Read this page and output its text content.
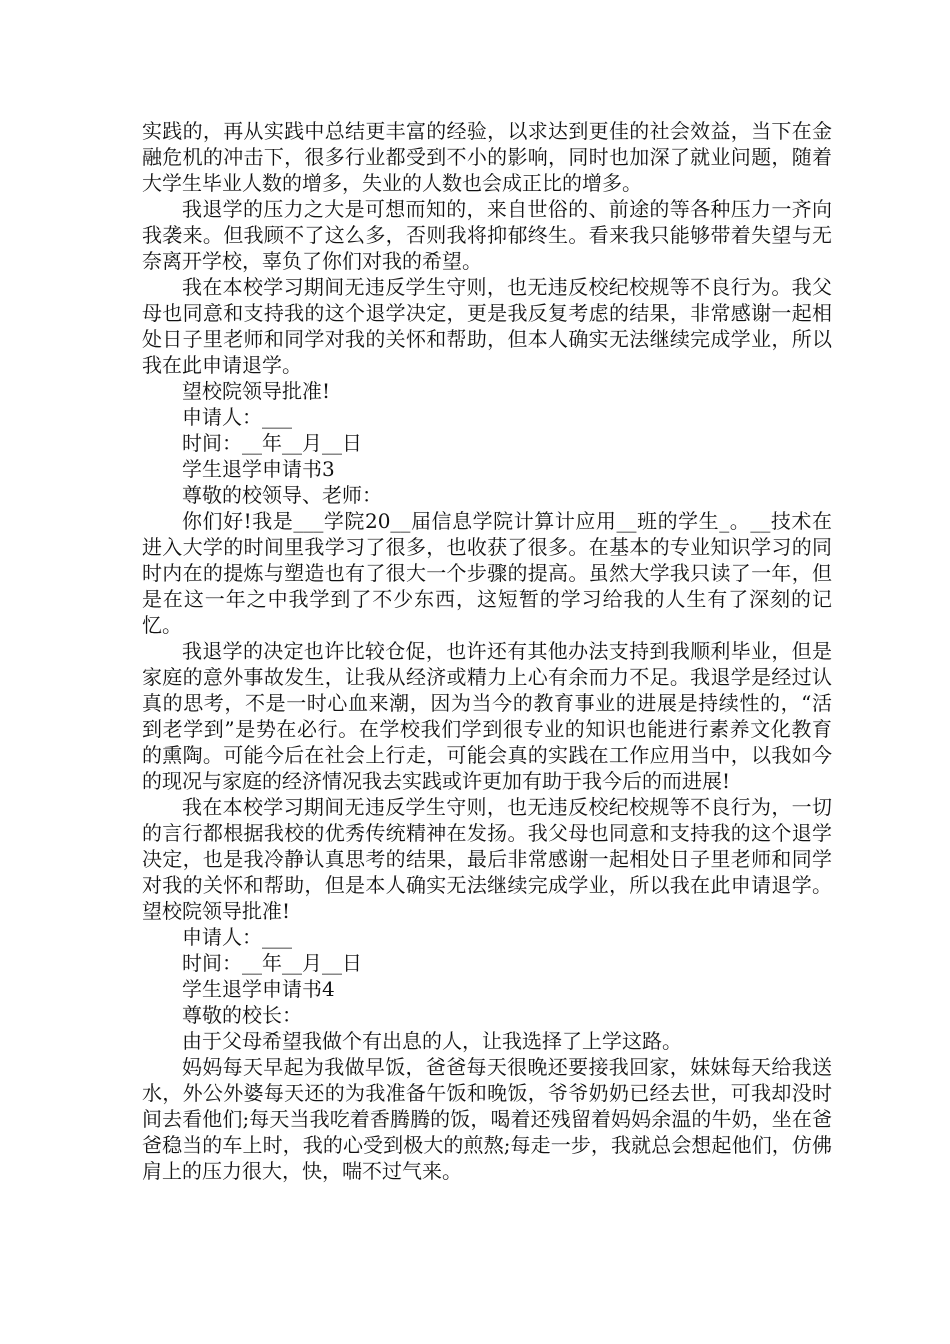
实践的，再从实践中总结更丰富的经验，以求达到更佳的社会效益，当下在金融危机的冲击下，很多行业都受到不小的影响，同时也加深了就业问题，随着大学生毕业人数的增多，失业的人数也会成正比的增多。

我退学的压力之大是可想而知的，来自世俗的、前途的等各种压力一齐向我袭来。但我顾不了这么多，否则我将抑郁终生。看来我只能够带着失望与无奈离开学校，辜负了你们对我的希望。

我在本校学习期间无违反学生守则，也无违反校纪校规等不良行为。我父母也同意和支持我的这个退学决定，更是我反复考虑的结果，非常感谢一起相处日子里老师和同学对我的关怀和帮助，但本人确实无法继续完成学业，所以我在此申请退学。

望校院领导批准!

申请人：___

时间：__年__月__日

学生退学申请书3

尊敬的校领导、老师：

你们好!我是___学院20__届信息学院计算计应用__班的学生_。__技术在进入大学的时间里我学习了很多，也收获了很多。在基本的专业知识学习的同时内在的提炼与塑造也有了很大一个步骤的提高。虽然大学我只读了一年，但是在这一年之中我学到了不少东西，这短暂的学习给我的人生有了深刻的记忆。

我退学的决定也许比较仓促，也许还有其他办法支持到我顺利毕业，但是家庭的意外事故发生，让我从经济或精力上心有余而力不足。我退学是经过认真的思考，不是一时心血来潮，因为当今的教育事业的进展是持续性的，“活到老学到”是势在必行。在学校我们学到很专业的知识也能进行素养文化教育的熏陶。可能今后在社会上行走，可能会真的实践在工作应用当中，以我如今的现况与家庭的经济情况我去实践或许更加有助于我今后的而进展!

我在本校学习期间无违反学生守则，也无违反校纪校规等不良行为，一切的言行都根据我校的优秀传统精神在发扬。我父母也同意和支持我的这个退学决定，也是我冷静认真思考的结果，最后非常感谢一起相处日子里老师和同学对我的关怀和帮助，但是本人确实无法继续完成学业，所以我在此申请退学。望校院领导批准!

申请人：___

时间：__年__月__日

学生退学申请书4

尊敬的校长：

由于父母希望我做个有出息的人，让我选择了上学这路。

妈妈每天早起为我做早饭，爸爸每天很晚还要接我回家，妹妹每天给我送水，外公外婆每天还的为我准备午饭和晚饭，爷爷奶奶已经去世，可我却没时间去看他们;每天当我吃着香腾腾的饭，喝着还残留着妈妈余温的牛奶，坐在爸爸稳当的车上时，我的心受到极大的煎熬;每走一步，我就总会想起他们，仿佛肩上的压力很大，快，喘不过气来。
